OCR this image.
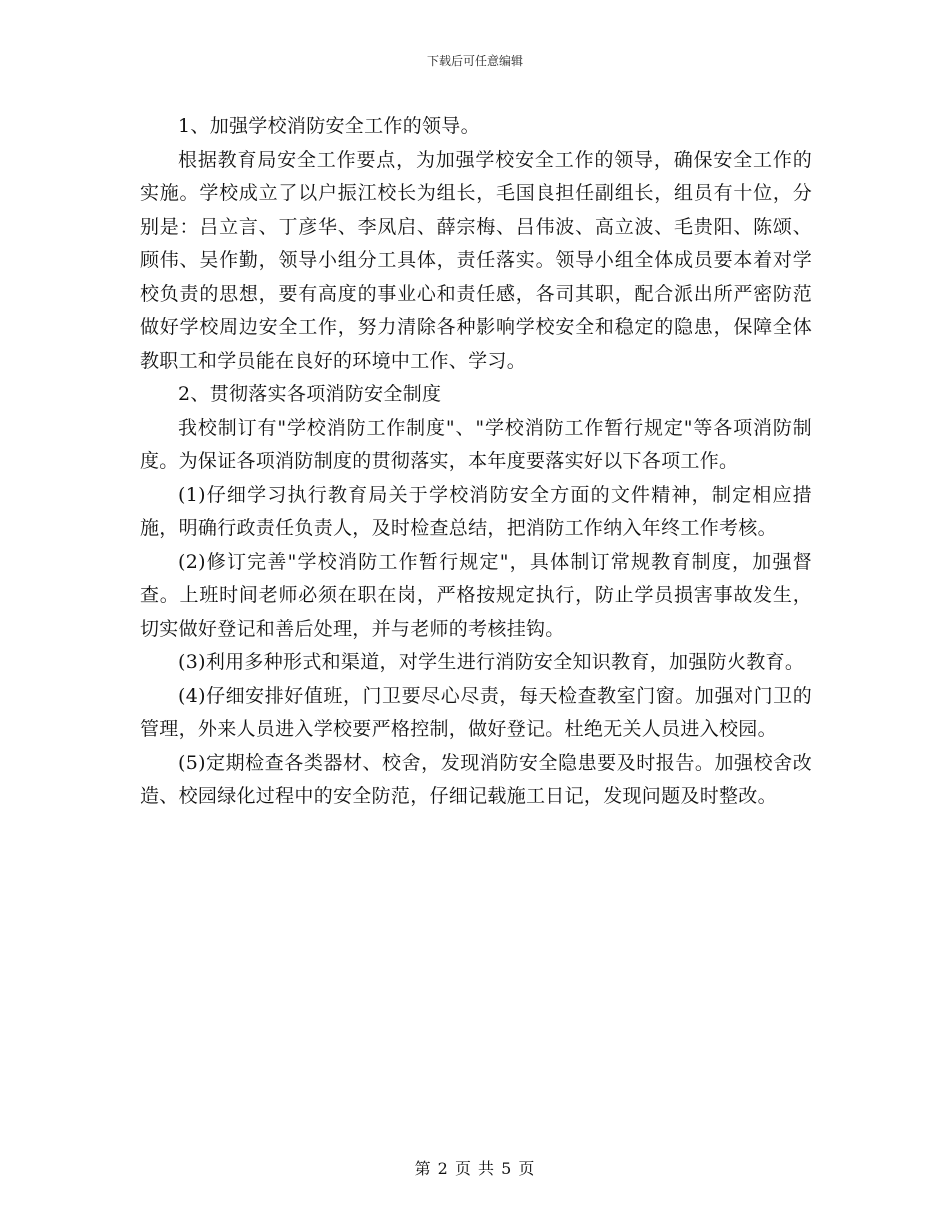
下载后可任意编辑

1、加强学校消防安全工作的领导。

根据教育局安全工作要点，为加强学校安全工作的领导，确保安全工作的实施。学校成立了以户振江校长为组长，毛国良担任副组长，组员有十位，分别是：吕立言、丁彦华、李凤启、薛宗梅、吕伟波、高立波、毛贵阳、陈颂、顾伟、吴作勤，领导小组分工具体，责任落实。领导小组全体成员要本着对学校负责的思想，要有高度的事业心和责任感，各司其职，配合派出所严密防范做好学校周边安全工作，努力清除各种影响学校安全和稳定的隐患，保障全体教职工和学员能在良好的环境中工作、学习。

2、贯彻落实各项消防安全制度

我校制订有"学校消防工作制度"、"学校消防工作暂行规定"等各项消防制度。为保证各项消防制度的贯彻落实，本年度要落实好以下各项工作。

(1)仔细学习执行教育局关于学校消防安全方面的文件精神，制定相应措施，明确行政责任负责人，及时检查总结，把消防工作纳入年终工作考核。

(2)修订完善"学校消防工作暂行规定"，具体制订常规教育制度，加强督查。上班时间老师必须在职在岗，严格按规定执行，防止学员损害事故发生，切实做好登记和善后处理，并与老师的考核挂钩。

(3)利用多种形式和渠道，对学生进行消防安全知识教育，加强防火教育。

(4)仔细安排好值班，门卫要尽心尽责，每天检查教室门窗。加强对门卫的管理，外来人员进入学校要严格控制，做好登记。杜绝无关人员进入校园。

(5)定期检查各类器材、校舍，发现消防安全隐患要及时报告。加强校舍改造、校园绿化过程中的安全防范，仔细记载施工日记，发现问题及时整改。

第 2 页 共 5 页
